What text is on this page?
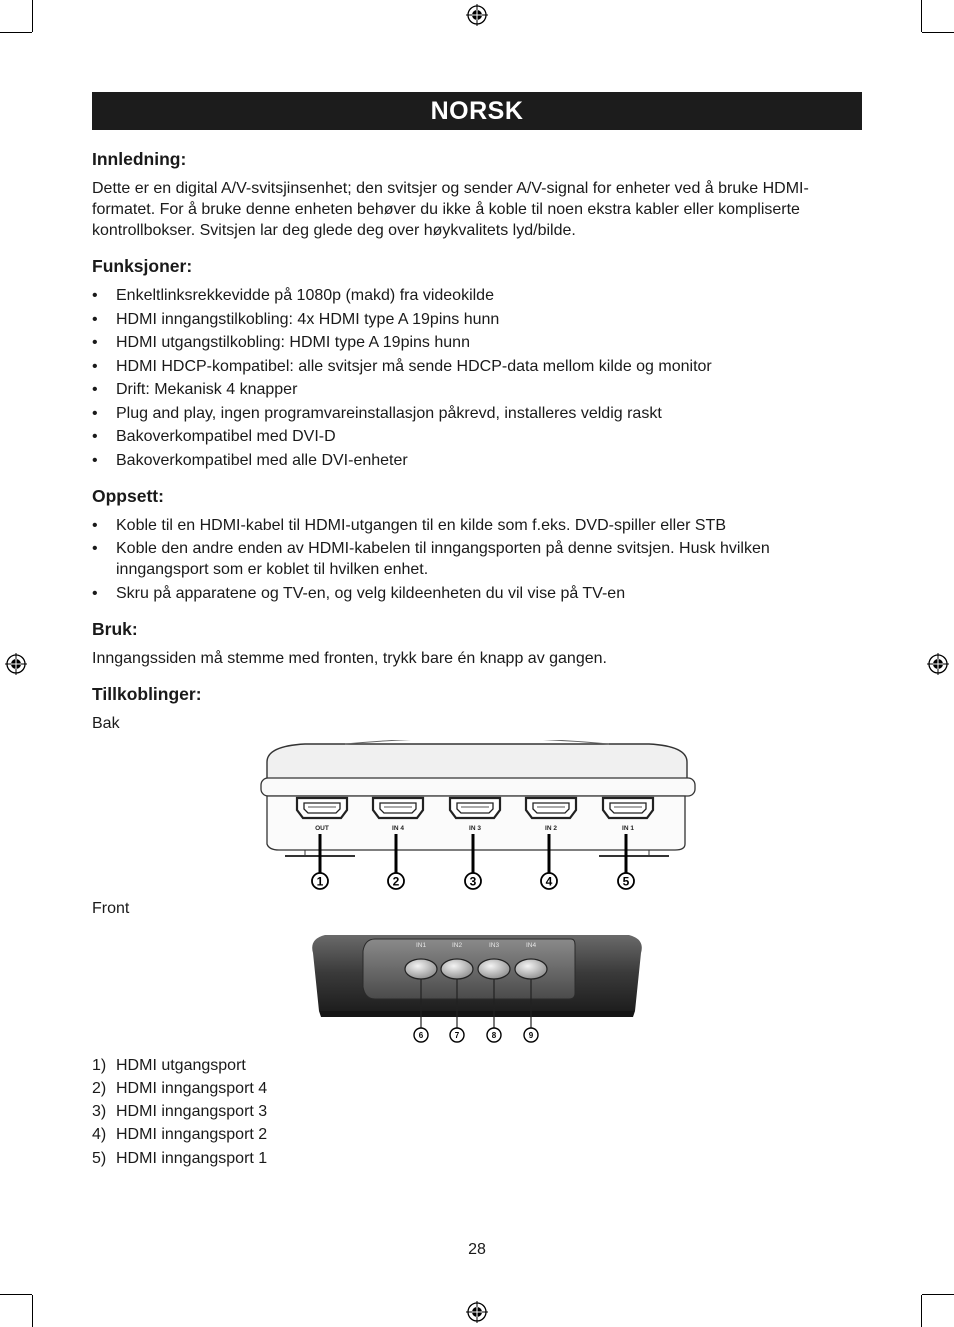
NORSK
Innledning:

Dette er en digital A/V-svitsjinsenhet; den svitsjer og sender A/V-signal for enheter ved å bruke HDMI-formatet. For å bruke denne enheten behøver du ikke å koble til noen ekstra kabler eller kompliserte kontrollbokser. Svitsjen lar deg glede deg over høykvalitets lyd/bilde.

Funksjoner:
• Enkeltlinksrekkevidde på 1080p (makd) fra videokilde
• HDMI inngangstilkobling: 4x HDMI type A 19pins hunn
• HDMI utgangstilkobling: HDMI type A 19pins hunn
• HDMI HDCP-kompatibel: alle svitsjer må sende HDCP-data mellom kilde og monitor
• Drift: Mekanisk 4 knapper
• Plug and play, ingen programvareinstallasjon påkrevd, installeres veldig raskt
• Bakoverkompatibel med DVI-D
• Bakoverkompatibel med alle DVI-enheter
Oppsett:
• Koble til en HDMI-kabel til HDMI-utgangen til en kilde som f.eks. DVD-spiller eller STB
• Koble den andre enden av HDMI-kabelen til inngangsporten på denne svitsjen. Husk hvilken inngangsport som er koblet til hvilken enhet.
• Skru på apparatene og TV-en, og velg kildeenheten du vil vise på TV-en
Bruk:

Inngangssiden må stemme med fronten, trykk bare én knapp av gangen.

Tillkoblinger:

Bak

OUT
1
IN 4
2
IN 3
3
IN 2
4
IN 1
5

Front

IN1
6
IN2
7
IN3
8
IN4
9
1) HDMI utgangsport
2) HDMI inngangsport 4
3) HDMI inngangsport 3
4) HDMI inngangsport 2
5) HDMI inngangsport 1
28
